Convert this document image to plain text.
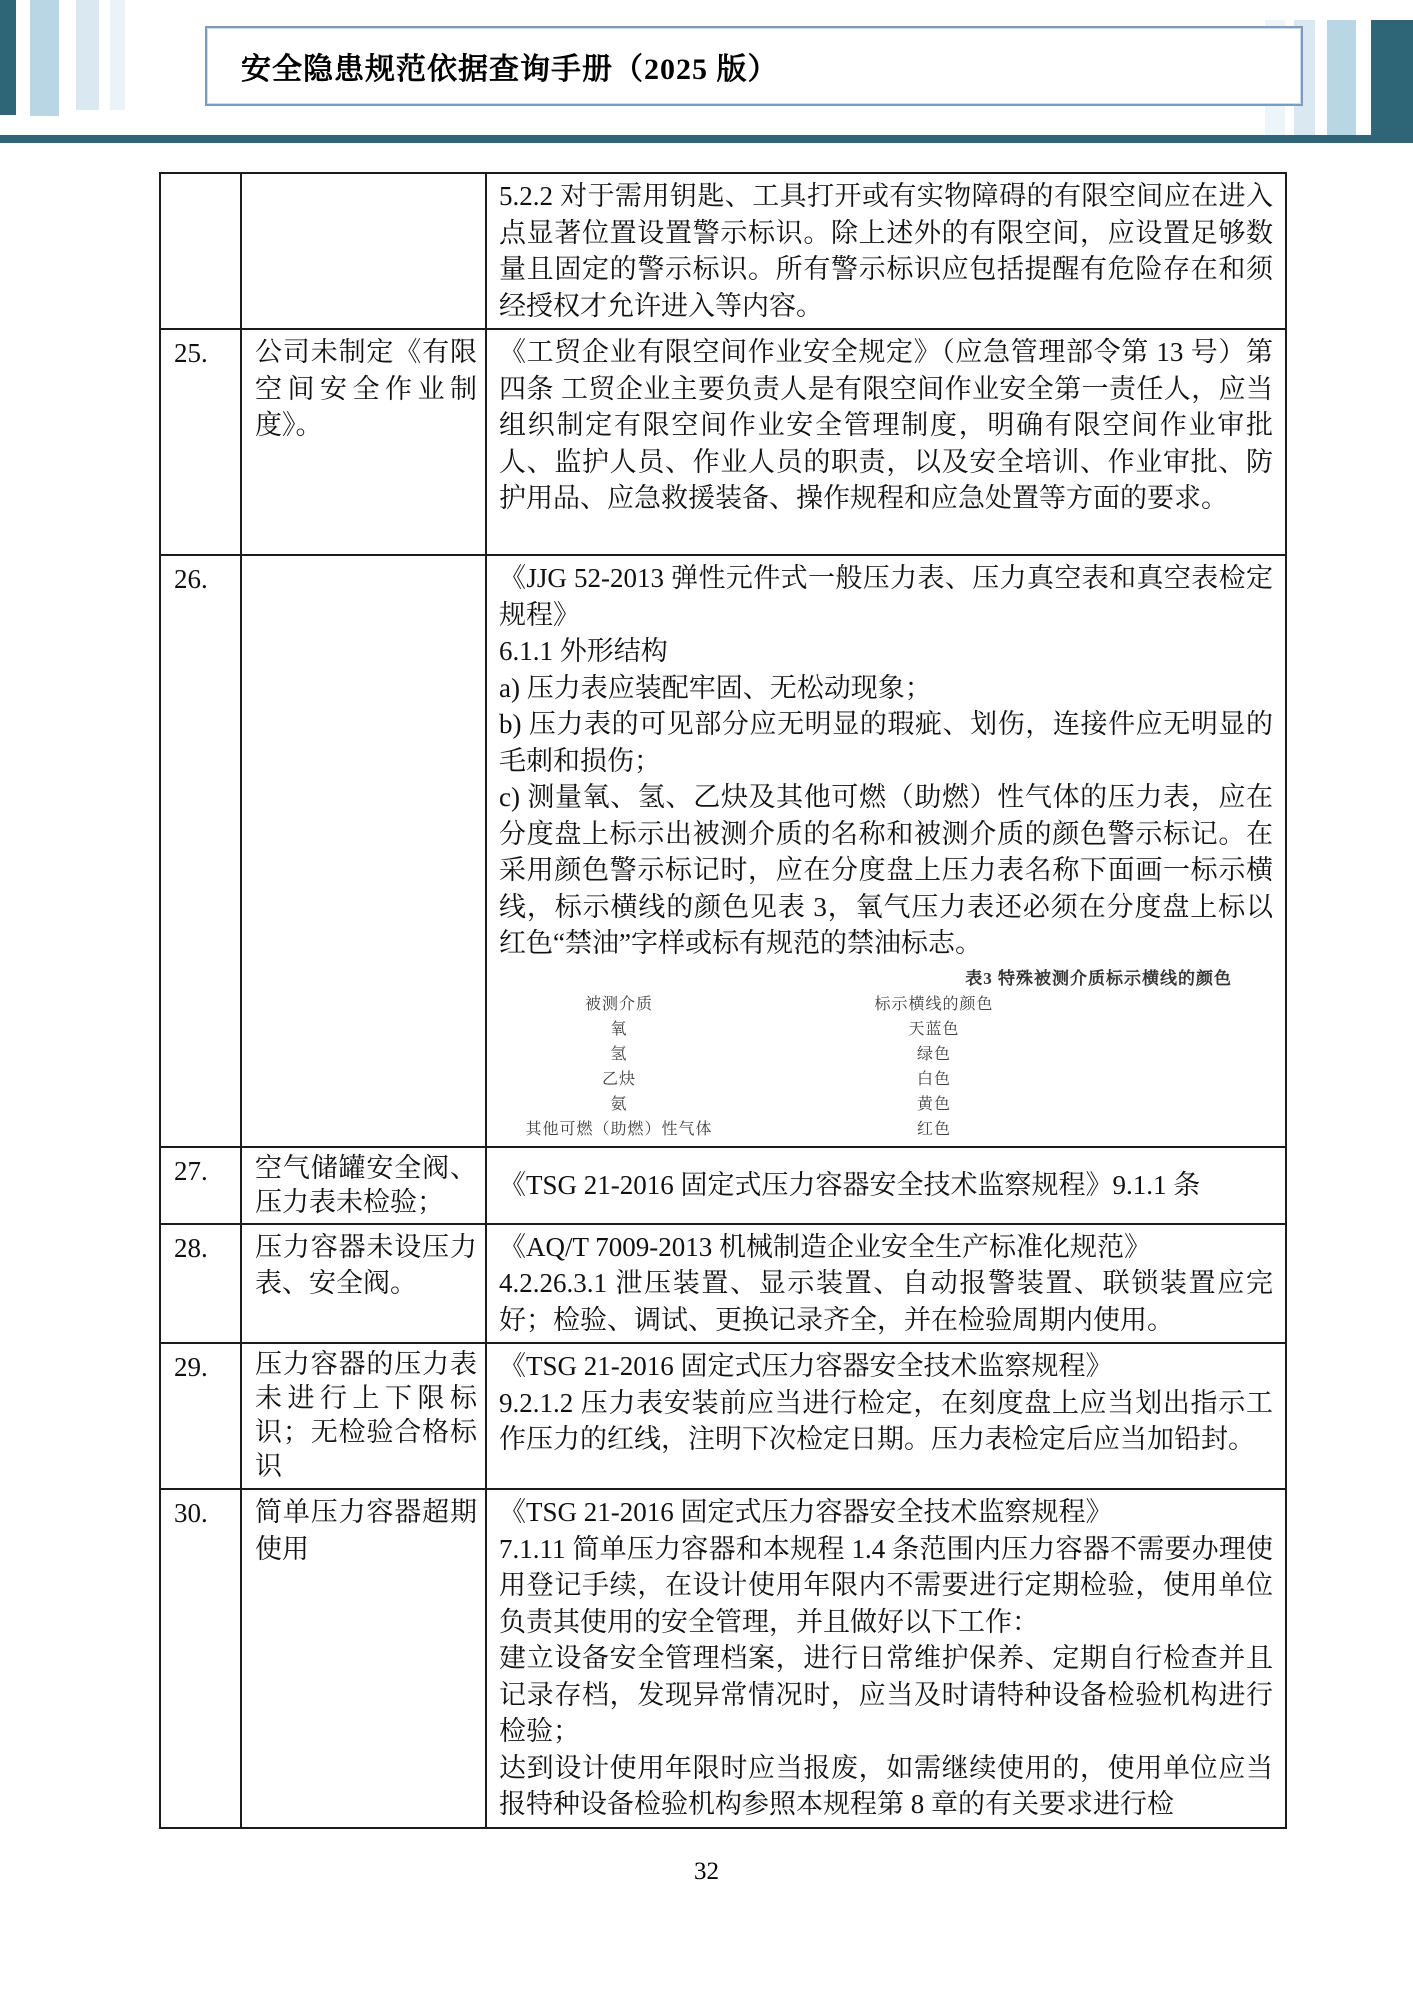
安全隐患规范依据查询手册（2025 版）

		5.2.2 对于需用钥匙、工具打开或有实物障碍的有限空间应在进入点显著位置设置警示标识。除上述外的有限空间，应设置足够数量且固定的警示标识。所有警示标识应包括提醒有危险存在和须经授权才允许进入等内容。

25.	公司未制定《有限空间安全作业制度》。	《工贸企业有限空间作业安全规定》（应急管理部令第 13 号）第四条 工贸企业主要负责人是有限空间作业安全第一责任人，应当组织制定有限空间作业安全管理制度，明确有限空间作业审批人、监护人员、作业人员的职责，以及安全培训、作业审批、防护用品、应急救援装备、操作规程和应急处置等方面的要求。

26.		《JJG 52-2013 弹性元件式一般压力表、压力真空表和真空表检定规程》

6.1.1 外形结构

a) 压力表应装配牢固、无松动现象；

b) 压力表的可见部分应无明显的瑕疵、划伤，连接件应无明显的毛刺和损伤；

c) 测量氧、氢、乙炔及其他可燃（助燃）性气体的压力表，应在分度盘上标示出被测介质的名称和被测介质的颜色警示标记。在采用颜色警示标记时，应在分度盘上压力表名称下面画一标示横线，标示横线的颜色见表 3，氧气压力表还必须在分度盘上标以红色“禁油”字样或标有规范的禁油标志。

表3 特殊被测介质标示横线的颜色
被测介质	标示横线的颜色
氧	天蓝色
氢	绿色
乙炔	白色
氨	黄色
其他可燃（助燃）性气体	红色

27.	空气储罐安全阀、压力表未检验；	《TSG 21-2016 固定式压力容器安全技术监察规程》9.1.1 条

28.	压力容器未设压力表、安全阀。	《AQ/T 7009-2013 机械制造企业安全生产标准化规范》

4.2.26.3.1 泄压装置、显示装置、自动报警装置、联锁装置应完好；检验、调试、更换记录齐全，并在检验周期内使用。

29.	压力容器的压力表未进行上下限标识；无检验合格标识	《TSG 21-2016 固定式压力容器安全技术监察规程》

9.2.1.2 压力表安装前应当进行检定，在刻度盘上应当划出指示工作压力的红线，注明下次检定日期。压力表检定后应当加铅封。

30.	简单压力容器超期使用	《TSG 21-2016 固定式压力容器安全技术监察规程》

7.1.11 简单压力容器和本规程 1.4 条范围内压力容器不需要办理使用登记手续，在设计使用年限内不需要进行定期检验，使用单位负责其使用的安全管理，并且做好以下工作：

建立设备安全管理档案，进行日常维护保养、定期自行检查并且记录存档，发现异常情况时，应当及时请特种设备检验机构进行检验；

达到设计使用年限时应当报废，如需继续使用的，使用单位应当报特种设备检验机构参照本规程第 8 章的有关要求进行检

32
